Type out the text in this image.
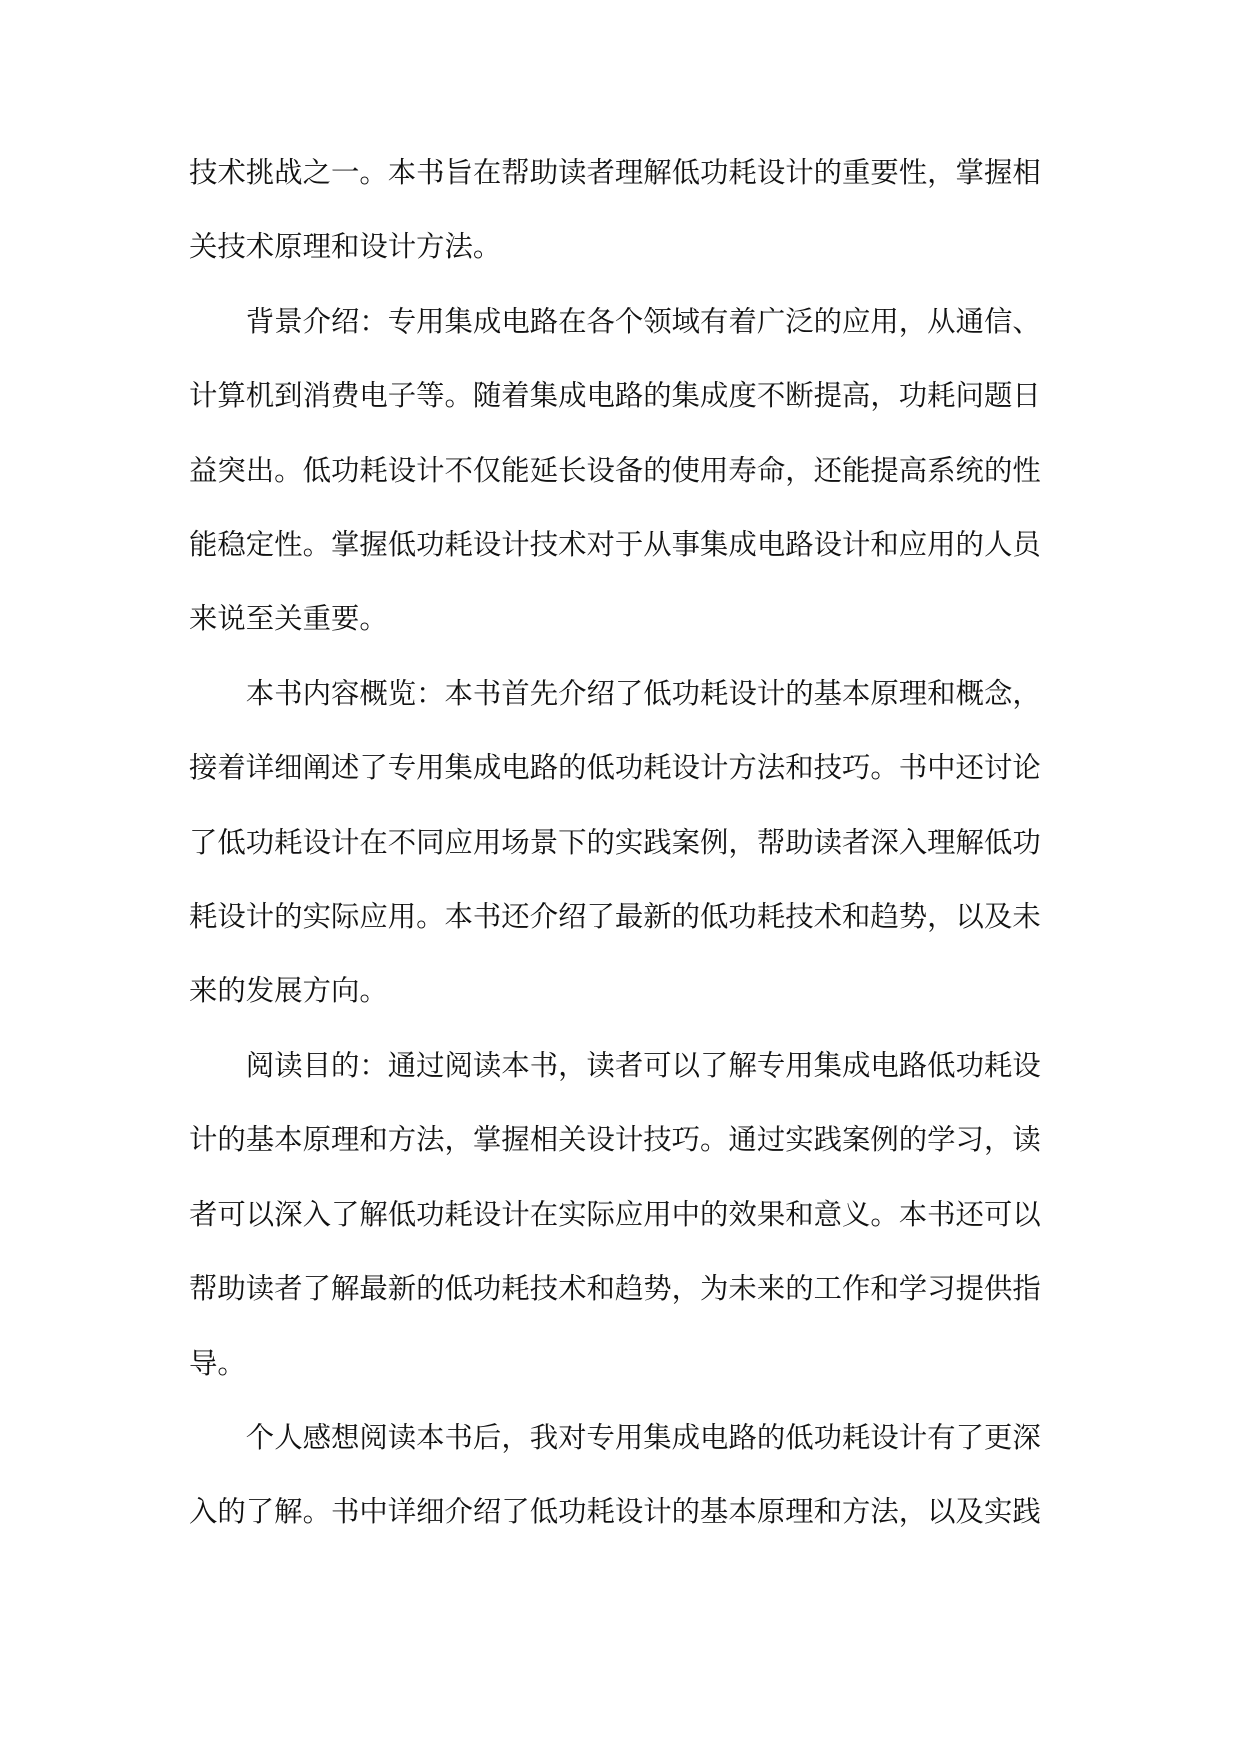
技术挑战之一。本书旨在帮助读者理解低功耗设计的重要性，掌握相关技术原理和设计方法。

背景介绍：专用集成电路在各个领域有着广泛的应用，从通信、计算机到消费电子等。随着集成电路的集成度不断提高，功耗问题日益突出。低功耗设计不仅能延长设备的使用寿命，还能提高系统的性能稳定性。掌握低功耗设计技术对于从事集成电路设计和应用的人员来说至关重要。

本书内容概览：本书首先介绍了低功耗设计的基本原理和概念，接着详细阐述了专用集成电路的低功耗设计方法和技巧。书中还讨论了低功耗设计在不同应用场景下的实践案例，帮助读者深入理解低功耗设计的实际应用。本书还介绍了最新的低功耗技术和趋势，以及未来的发展方向。

阅读目的：通过阅读本书，读者可以了解专用集成电路低功耗设计的基本原理和方法，掌握相关设计技巧。通过实践案例的学习，读者可以深入了解低功耗设计在实际应用中的效果和意义。本书还可以帮助读者了解最新的低功耗技术和趋势，为未来的工作和学习提供指导。

个人感想阅读本书后，我对专用集成电路的低功耗设计有了更深入的了解。书中详细介绍了低功耗设计的基本原理和方法，以及实践
